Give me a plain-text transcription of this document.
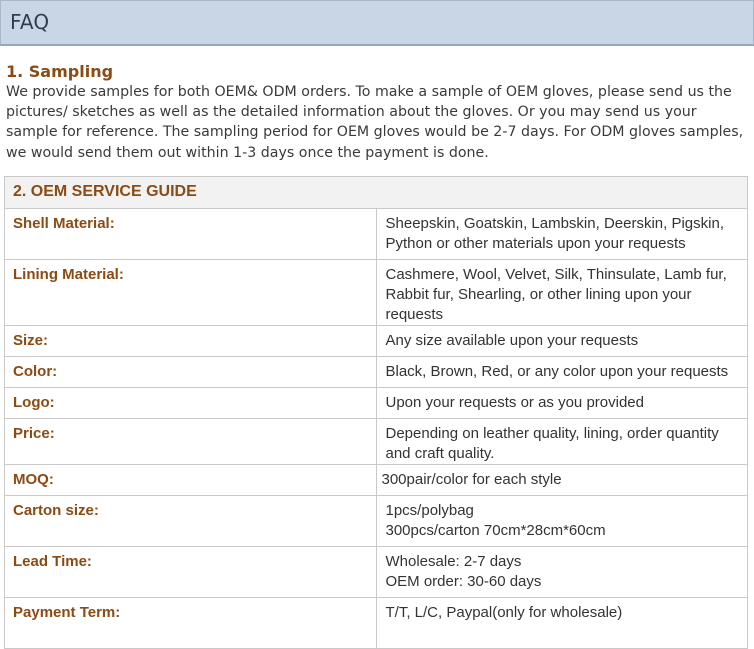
FAQ
1. Sampling
We provide samples for both OEM& ODM orders. To make a sample of OEM gloves, please send us the pictures/ sketches as well as the detailed information about the gloves. Or you may send us your sample for reference. The sampling period for OEM gloves would be 2-7 days. For ODM gloves samples, we would send them out within 1-3 days once the payment is done.
2. OEM SERVICE GUIDE	
Shell Material:	Sheepskin, Goatskin, Lambskin, Deerskin, Pigskin, Python or other materials upon your requests

Lining Material:	Cashmere, Wool, Velvet, Silk, Thinsulate, Lamb fur, Rabbit fur, Shearling, or other lining upon your requests

Size:	Any size available upon your requests

Color:	Black, Brown, Red, or any color upon your requests

Logo:	Upon your requests or as you provided

Price:	Depending on leather quality, lining, order quantity and craft quality.

MOQ:	300pair/color for each style

Carton size:	1pcs/polybag
300pcs/carton 70cm*28cm*60cm

Lead Time:	Wholesale: 2-7 days
OEM order: 30-60 days

Payment Term:	T/T, L/C, Paypal(only for wholesale)
